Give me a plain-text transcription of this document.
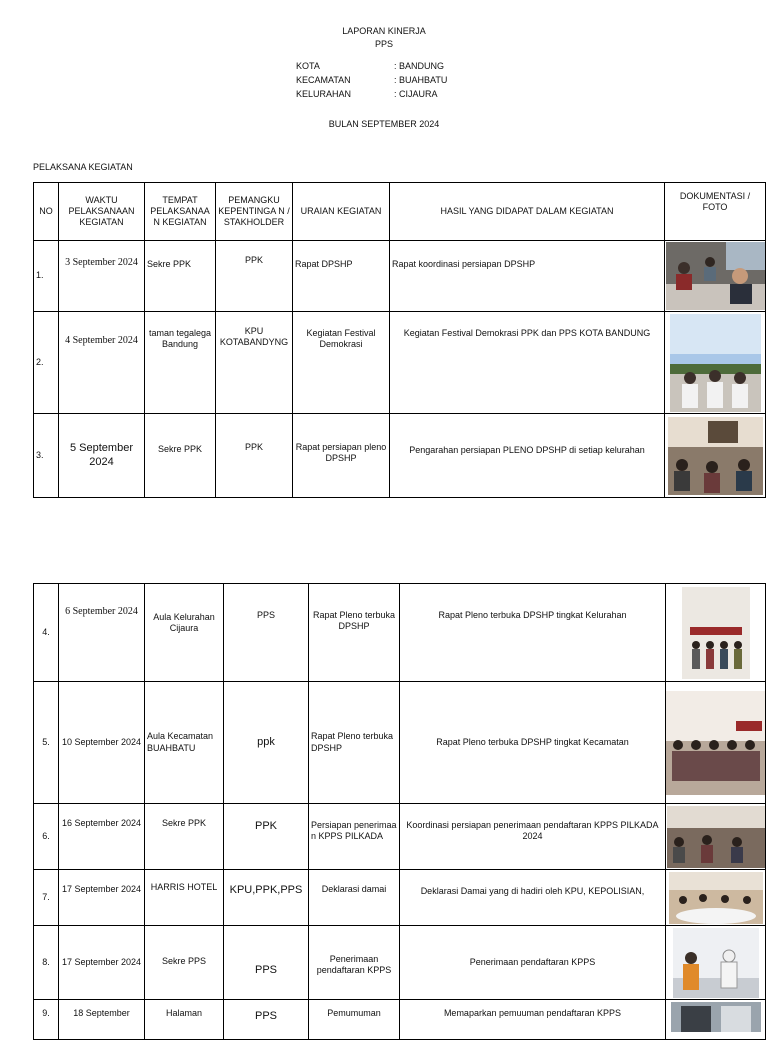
LAPORAN KINERJA
PPS
KOTA	: BANDUNG
KECAMATAN	: BUAHBATU
KELURAHAN	: CIJAURA
BULAN SEPTEMBER 2024
PELAKSANA KEGIATAN
NO	WAKTU PELAKSANAAN KEGIATAN	TEMPAT PELAKSANAA N KEGIATAN	PEMANGKU KEPENTINGA N / STAKHOLDER	URAIAN KEGIATAN	HASIL YANG DIDAPAT DALAM KEGIATAN	DOKUMENTASI / FOTO
1.	3 September 2024	Sekre PPK	PPK	Rapat DPSHP	Rapat koordinasi persiapan DPSHP	

2.	4 September 2024	taman tegalega Bandung	KPU KOTABANDYNG	Kegiatan Festival Demokrasi	Kegiatan Festival Demokrasi PPK dan PPS KOTA BANDUNG	

3.	5 September 2024	Sekre PPK	PPK	Rapat persiapan pleno DPSHP	Pengarahan persiapan PLENO DPSHP di setiap kelurahan	
4.	6 September 2024	Aula Kelurahan Cijaura	PPS	Rapat Pleno terbuka DPSHP	Rapat Pleno terbuka DPSHP tingkat Kelurahan	

5.	10 September 2024	Aula Kecamatan BUAHBATU	ppk	Rapat Pleno terbuka DPSHP	Rapat Pleno terbuka DPSHP tingkat Kecamatan	

6.	16 September 2024	Sekre PPK	PPK	Persiapan penerimaa n KPPS PILKADA	Koordinasi persiapan penerimaan pendaftaran KPPS PILKADA 2024	

7.	17 September 2024	HARRIS HOTEL	KPU,PPK,PPS	Deklarasi damai	Deklarasi Damai yang di hadiri oleh KPU, KEPOLISIAN,	

8.	17 September 2024	Sekre PPS	PPS	Penerimaan pendaftaran KPPS	Penerimaan pendaftaran KPPS	

9.	18 September	Halaman	PPS	Pemumuman	Memaparkan pemuuman pendaftaran KPPS	
